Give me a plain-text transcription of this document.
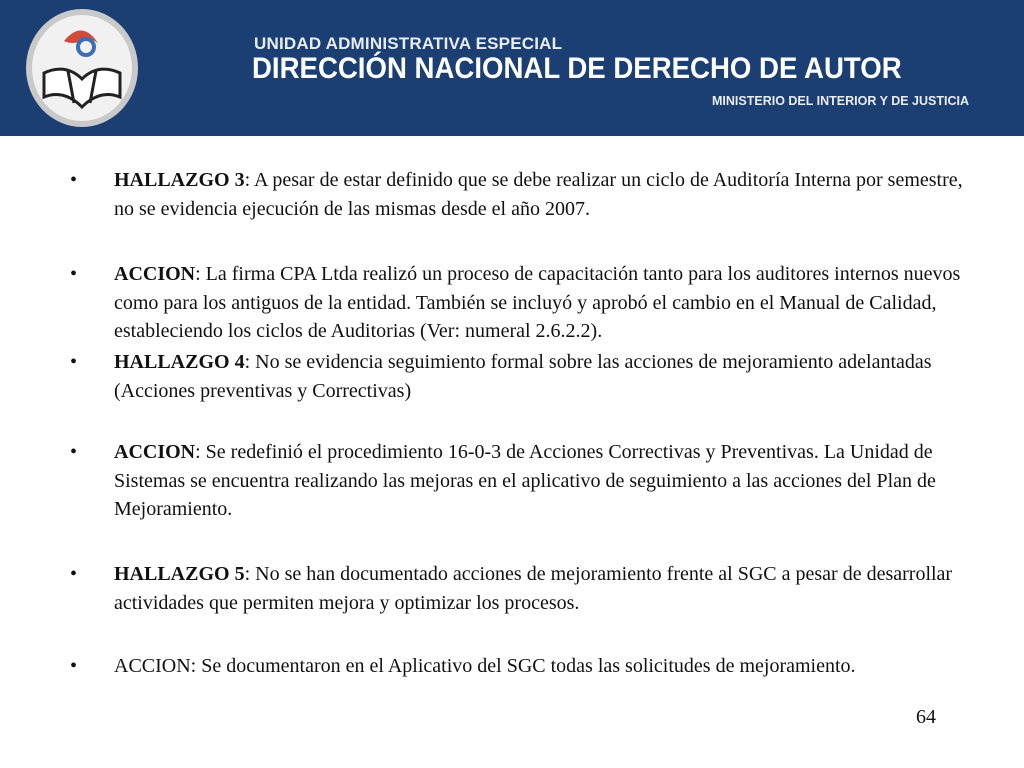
UNIDAD ADMINISTRATIVA ESPECIAL
DIRECCIÓN NACIONAL DE DERECHO DE AUTOR
MINISTERIO DEL INTERIOR Y DE JUSTICIA
• HALLAZGO 3: A pesar de estar definido que se debe realizar un ciclo de Auditoría Interna por semestre, no se evidencia ejecución de las mismas desde el año 2007.
• ACCION: La firma CPA Ltda realizó un proceso de capacitación tanto para los auditores internos nuevos como para los antiguos de la entidad. También se incluyó y aprobó el cambio en el Manual de Calidad, estableciendo los ciclos de Auditorias (Ver: numeral 2.6.2.2).
• HALLAZGO 4: No se evidencia seguimiento formal sobre las acciones de mejoramiento adelantadas (Acciones preventivas y Correctivas)
• ACCION: Se redefinió el procedimiento 16-0-3 de Acciones Correctivas y Preventivas. La Unidad de Sistemas se encuentra realizando las mejoras en el aplicativo de seguimiento a las acciones del Plan de Mejoramiento.
• HALLAZGO 5: No se han documentado acciones de mejoramiento frente al SGC a pesar de desarrollar actividades que permiten mejora y optimizar los procesos.
• ACCION: Se documentaron en el Aplicativo del SGC todas las solicitudes de mejoramiento.
64
